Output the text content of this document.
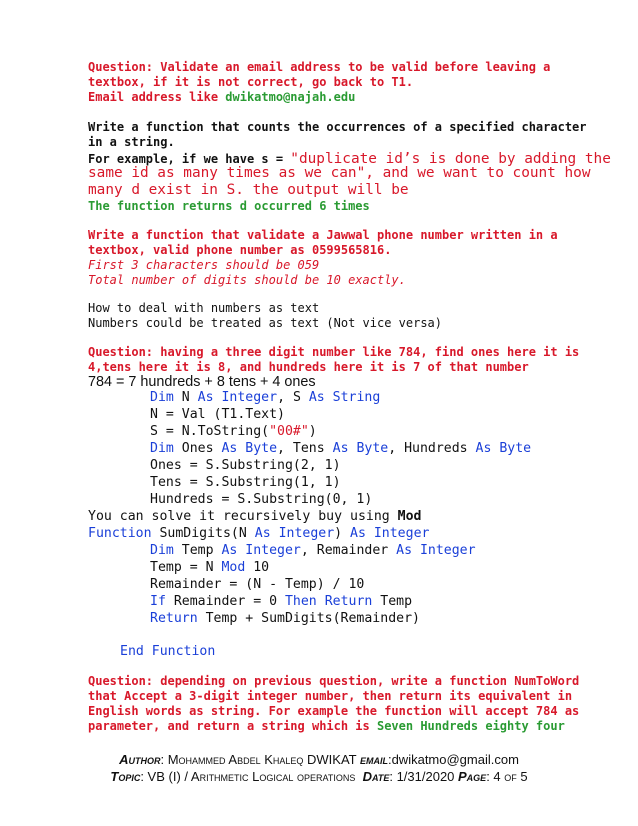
Question: Validate an email address to be valid before leaving a
textbox, if it is not correct, go back to T1.
Email address like dwikatmo@najah.edu
Write a function that counts the occurrences of a specified character
in a string.
For example, if we have s = "duplicate id’s is done by adding the
same id as many times as we can", and we want to count how
many d exist in S. the output will be
The function returns d occurred 6 times
Write a function that validate a Jawwal phone number written in a
textbox, valid phone number as 0599565816.
First 3 characters should be 059
Total number of digits should be 10 exactly.
How to deal with numbers as text
Numbers could be treated as text (Not vice versa)
Question: having a three digit number like 784, find ones here it is
4,tens here it is 8, and hundreds here it is 7 of that number
784 = 7 hundreds + 8 tens + 4 ones
Dim N As Integer, S As String
N = Val (T1.Text)
S = N.ToString("00#")
Dim Ones As Byte, Tens As Byte, Hundreds As Byte
Ones = S.Substring(2, 1)
Tens = S.Substring(1, 1)
Hundreds = S.Substring(0, 1)
You can solve it recursively buy using Mod
Function SumDigits(N As Integer) As Integer
Dim Temp As Integer, Remainder As Integer
Temp = N Mod 10
Remainder = (N - Temp) / 10
If Remainder = 0 Then Return Temp
Return Temp + SumDigits(Remainder)
End Function
Question: depending on previous question, write a function NumToWord
that Accept a 3-digit integer number, then return its equivalent in
English words as string. For example the function will accept 784 as
parameter, and return a string which is Seven Hundreds eighty four
Author: Mohammed Abdel Khaleq DWIKAT email:dwikatmo@gmail.com
Topic: VB (I) / Arithmetic Logical operations Date: 1/31/2020 Page: 4 of 5
